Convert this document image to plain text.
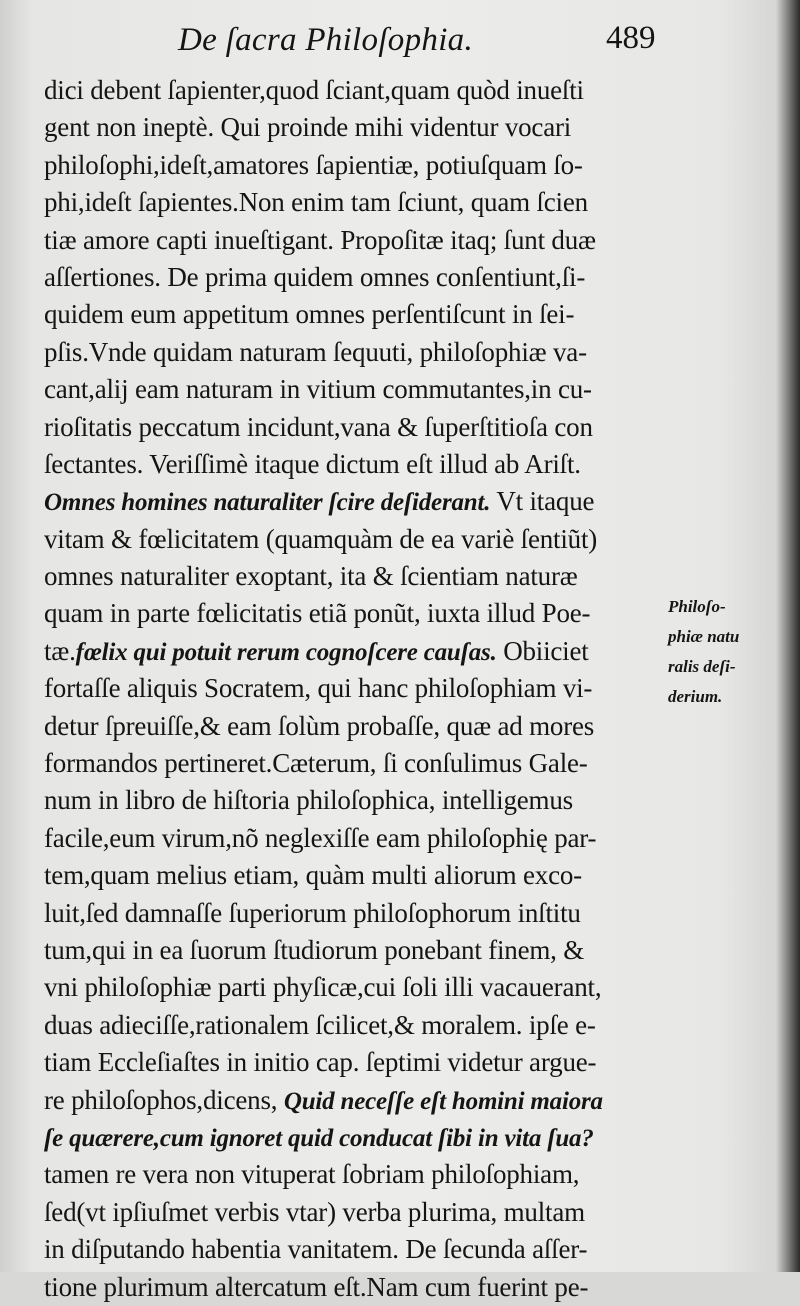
De ſacra Philoſophia.	489
dici debent ſapienter,quod ſciant,quam quòd inueſti
gent non ineptè. Qui proinde mihi videntur vocari
philoſophi,ideſt,amatores ſapientiæ, potiuſquam ſo-
phi,ideſt ſapientes.Non enim tam ſciunt, quam ſcien
tiæ amore capti inueſtigant. Propoſitæ itaq; ſunt duæ
aſſertiones. De prima quidem omnes conſentiunt,ſi-
quidem eum appetitum omnes perſentiſcunt in ſei-
pſis.Vnde quidam naturam ſequuti, philoſophiæ va-
cant,alij eam naturam in vitium commutantes,in cu-
rioſitatis peccatum incidunt,vana & ſuperſtitioſa con
ſectantes. Veriſſimè itaque dictum eſt illud ab Ariſt.
Omnes homines naturaliter ſcire deſiderant. Vt itaque
vitam & fœlicitatem (quamquàm de ea variè ſentiũt)
omnes naturaliter exoptant, ita & ſcientiam naturæ
quam in parte fœlicitatis etiã ponũt, iuxta illud Poe-
tæ.fœlix qui potuit rerum cognoſcere cauſas. Obiiciet
fortaſſe aliquis Socratem, qui hanc philoſophiam vi-
detur ſpreuiſſe,& eam ſolùm probaſſe, quæ ad mores
formandos pertineret.Cæterum, ſi conſulimus Gale-
num in libro de hiſtoria philoſophica, intelligemus
facile,eum virum,nõ neglexiſſe eam philoſophię par-
tem,quam melius etiam, quàm multi aliorum exco-
luit,ſed damnaſſe ſuperiorum philoſophorum inſtitu
tum,qui in ea ſuorum ſtudiorum ponebant finem, &
vni philoſophiæ parti phyſicæ,cui ſoli illi vacauerant,
duas adieciſſe,rationalem ſcilicet,& moralem. ipſe e-
tiam Eccleſiaſtes in initio cap. ſeptimi videtur argue-
re philoſophos,dicens, Quid neceſſe eſt homini maiora
ſe quærere,cum ignoret quid conducat ſibi in vita ſua?
tamen re vera non vituperat ſobriam philoſophiam,
ſed(vt ipſiuſmet verbis vtar) verba plurima, multam
in diſputando habentia vanitatem. De ſecunda aſſer-
tione plurimum altercatum eſt.Nam cum fuerint pe-
Philoſo-
phiæ natu
ralis deſi-
derium.
